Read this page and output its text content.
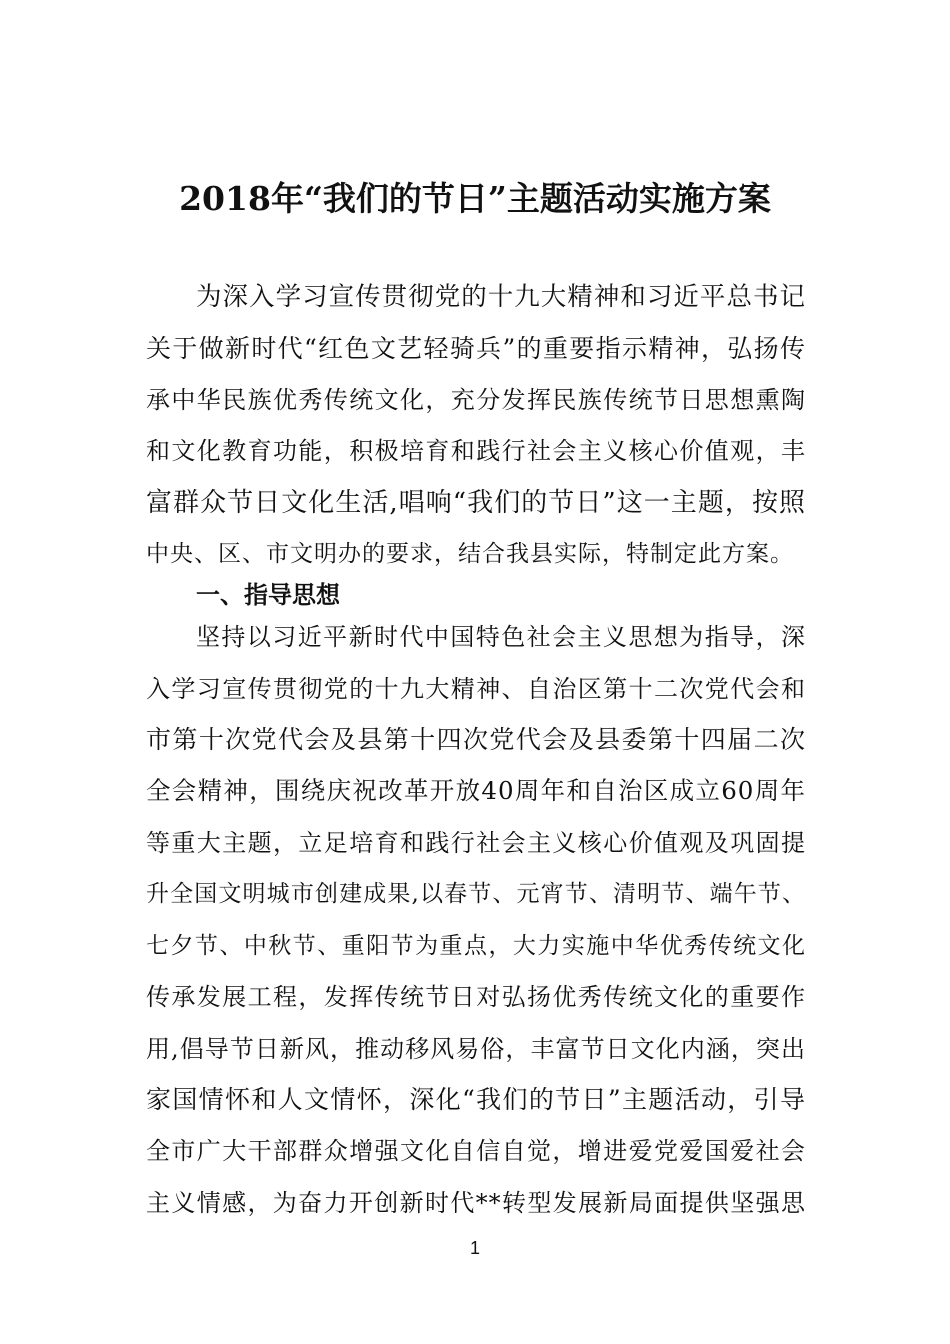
2018年“我们的节日”主题活动实施方案
为深入学习宣传贯彻党的十九大精神和习近平总书记
关于做新时代“红色文艺轻骑兵”的重要指示精神，弘扬传
承中华民族优秀传统文化，充分发挥民族传统节日思想熏陶
和文化教育功能，积极培育和践行社会主义核心价值观，丰
富群众节日文化生活,唱响“我们的节日”这一主题，按照
中央、区、市文明办的要求，结合我县实际，特制定此方案。
一、指导思想
坚持以习近平新时代中国特色社会主义思想为指导，深
入学习宣传贯彻党的十九大精神、自治区第十二次党代会和
市第十次党代会及县第十四次党代会及县委第十四届二次
全会精神，围绕庆祝改革开放40周年和自治区成立60周年
等重大主题，立足培育和践行社会主义核心价值观及巩固提
升全国文明城市创建成果,以春节、元宵节、清明节、端午节、
七夕节、中秋节、重阳节为重点，大力实施中华优秀传统文化
传承发展工程，发挥传统节日对弘扬优秀传统文化的重要作
用,倡导节日新风，推动移风易俗，丰富节日文化内涵，突出
家国情怀和人文情怀，深化“我们的节日”主题活动，引导
全市广大干部群众增强文化自信自觉，增进爱党爱国爱社会
主义情感，为奋力开创新时代**转型发展新局面提供坚强思
1
